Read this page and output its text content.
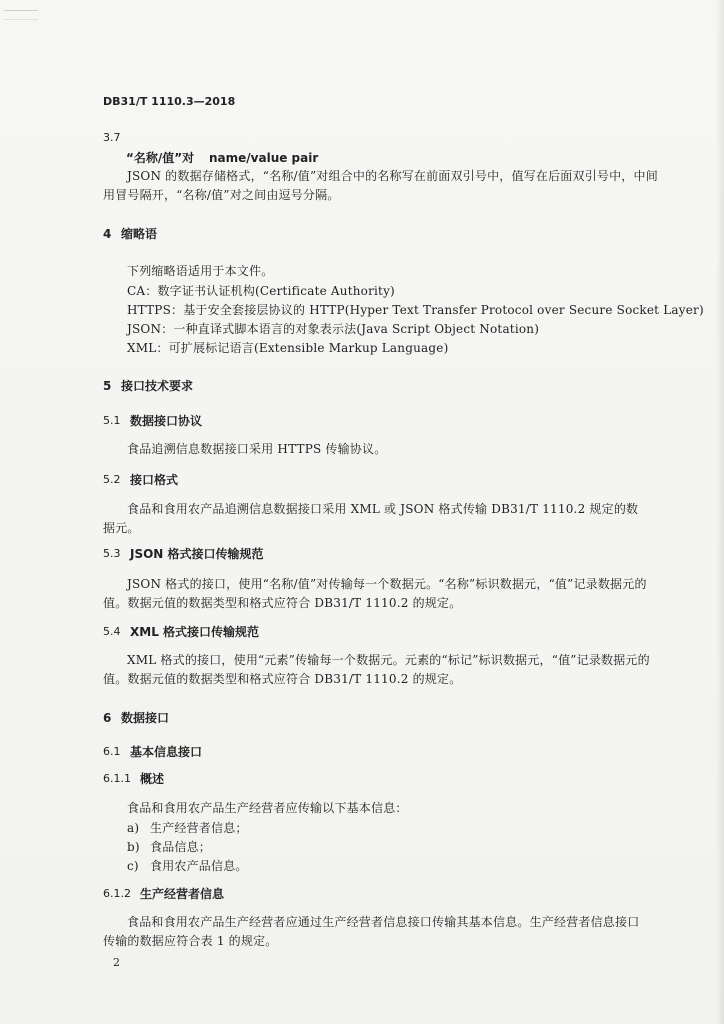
DB31/T 1110.3—2018
3.7
“名称/值”对 name/value pair
JSON 的数据存储格式，“名称/值”对组合中的名称写在前面双引号中，值写在后面双引号中，中间
用冒号隔开，“名称/值”对之间由逗号分隔。
4 缩略语
下列缩略语适用于本文件。
CA：数字证书认证机构(Certificate Authority)
HTTPS：基于安全套接层协议的 HTTP(Hyper Text Transfer Protocol over Secure Socket Layer)
JSON：一种直译式脚本语言的对象表示法(Java Script Object Notation)
XML：可扩展标记语言(Extensible Markup Language)
5 接口技术要求
5.1 数据接口协议
食品追溯信息数据接口采用 HTTPS 传输协议。
5.2 接口格式
食品和食用农产品追溯信息数据接口采用 XML 或 JSON 格式传输 DB31/T 1110.2 规定的数
据元。
5.3 JSON 格式接口传输规范
JSON 格式的接口，使用“名称/值”对传输每一个数据元。“名称”标识数据元，“值”记录数据元的
值。数据元值的数据类型和格式应符合 DB31/T 1110.2 的规定。
5.4 XML 格式接口传输规范
XML 格式的接口，使用“元素”传输每一个数据元。元素的“标记”标识数据元，“值”记录数据元的
值。数据元值的数据类型和格式应符合 DB31/T 1110.2 的规定。
6 数据接口
6.1 基本信息接口
6.1.1 概述
食品和食用农产品生产经营者应传输以下基本信息：
a) 生产经营者信息；
b) 食品信息；
c) 食用农产品信息。
6.1.2 生产经营者信息
食品和食用农产品生产经营者应通过生产经营者信息接口传输其基本信息。生产经营者信息接口
传输的数据应符合表 1 的规定。
2
